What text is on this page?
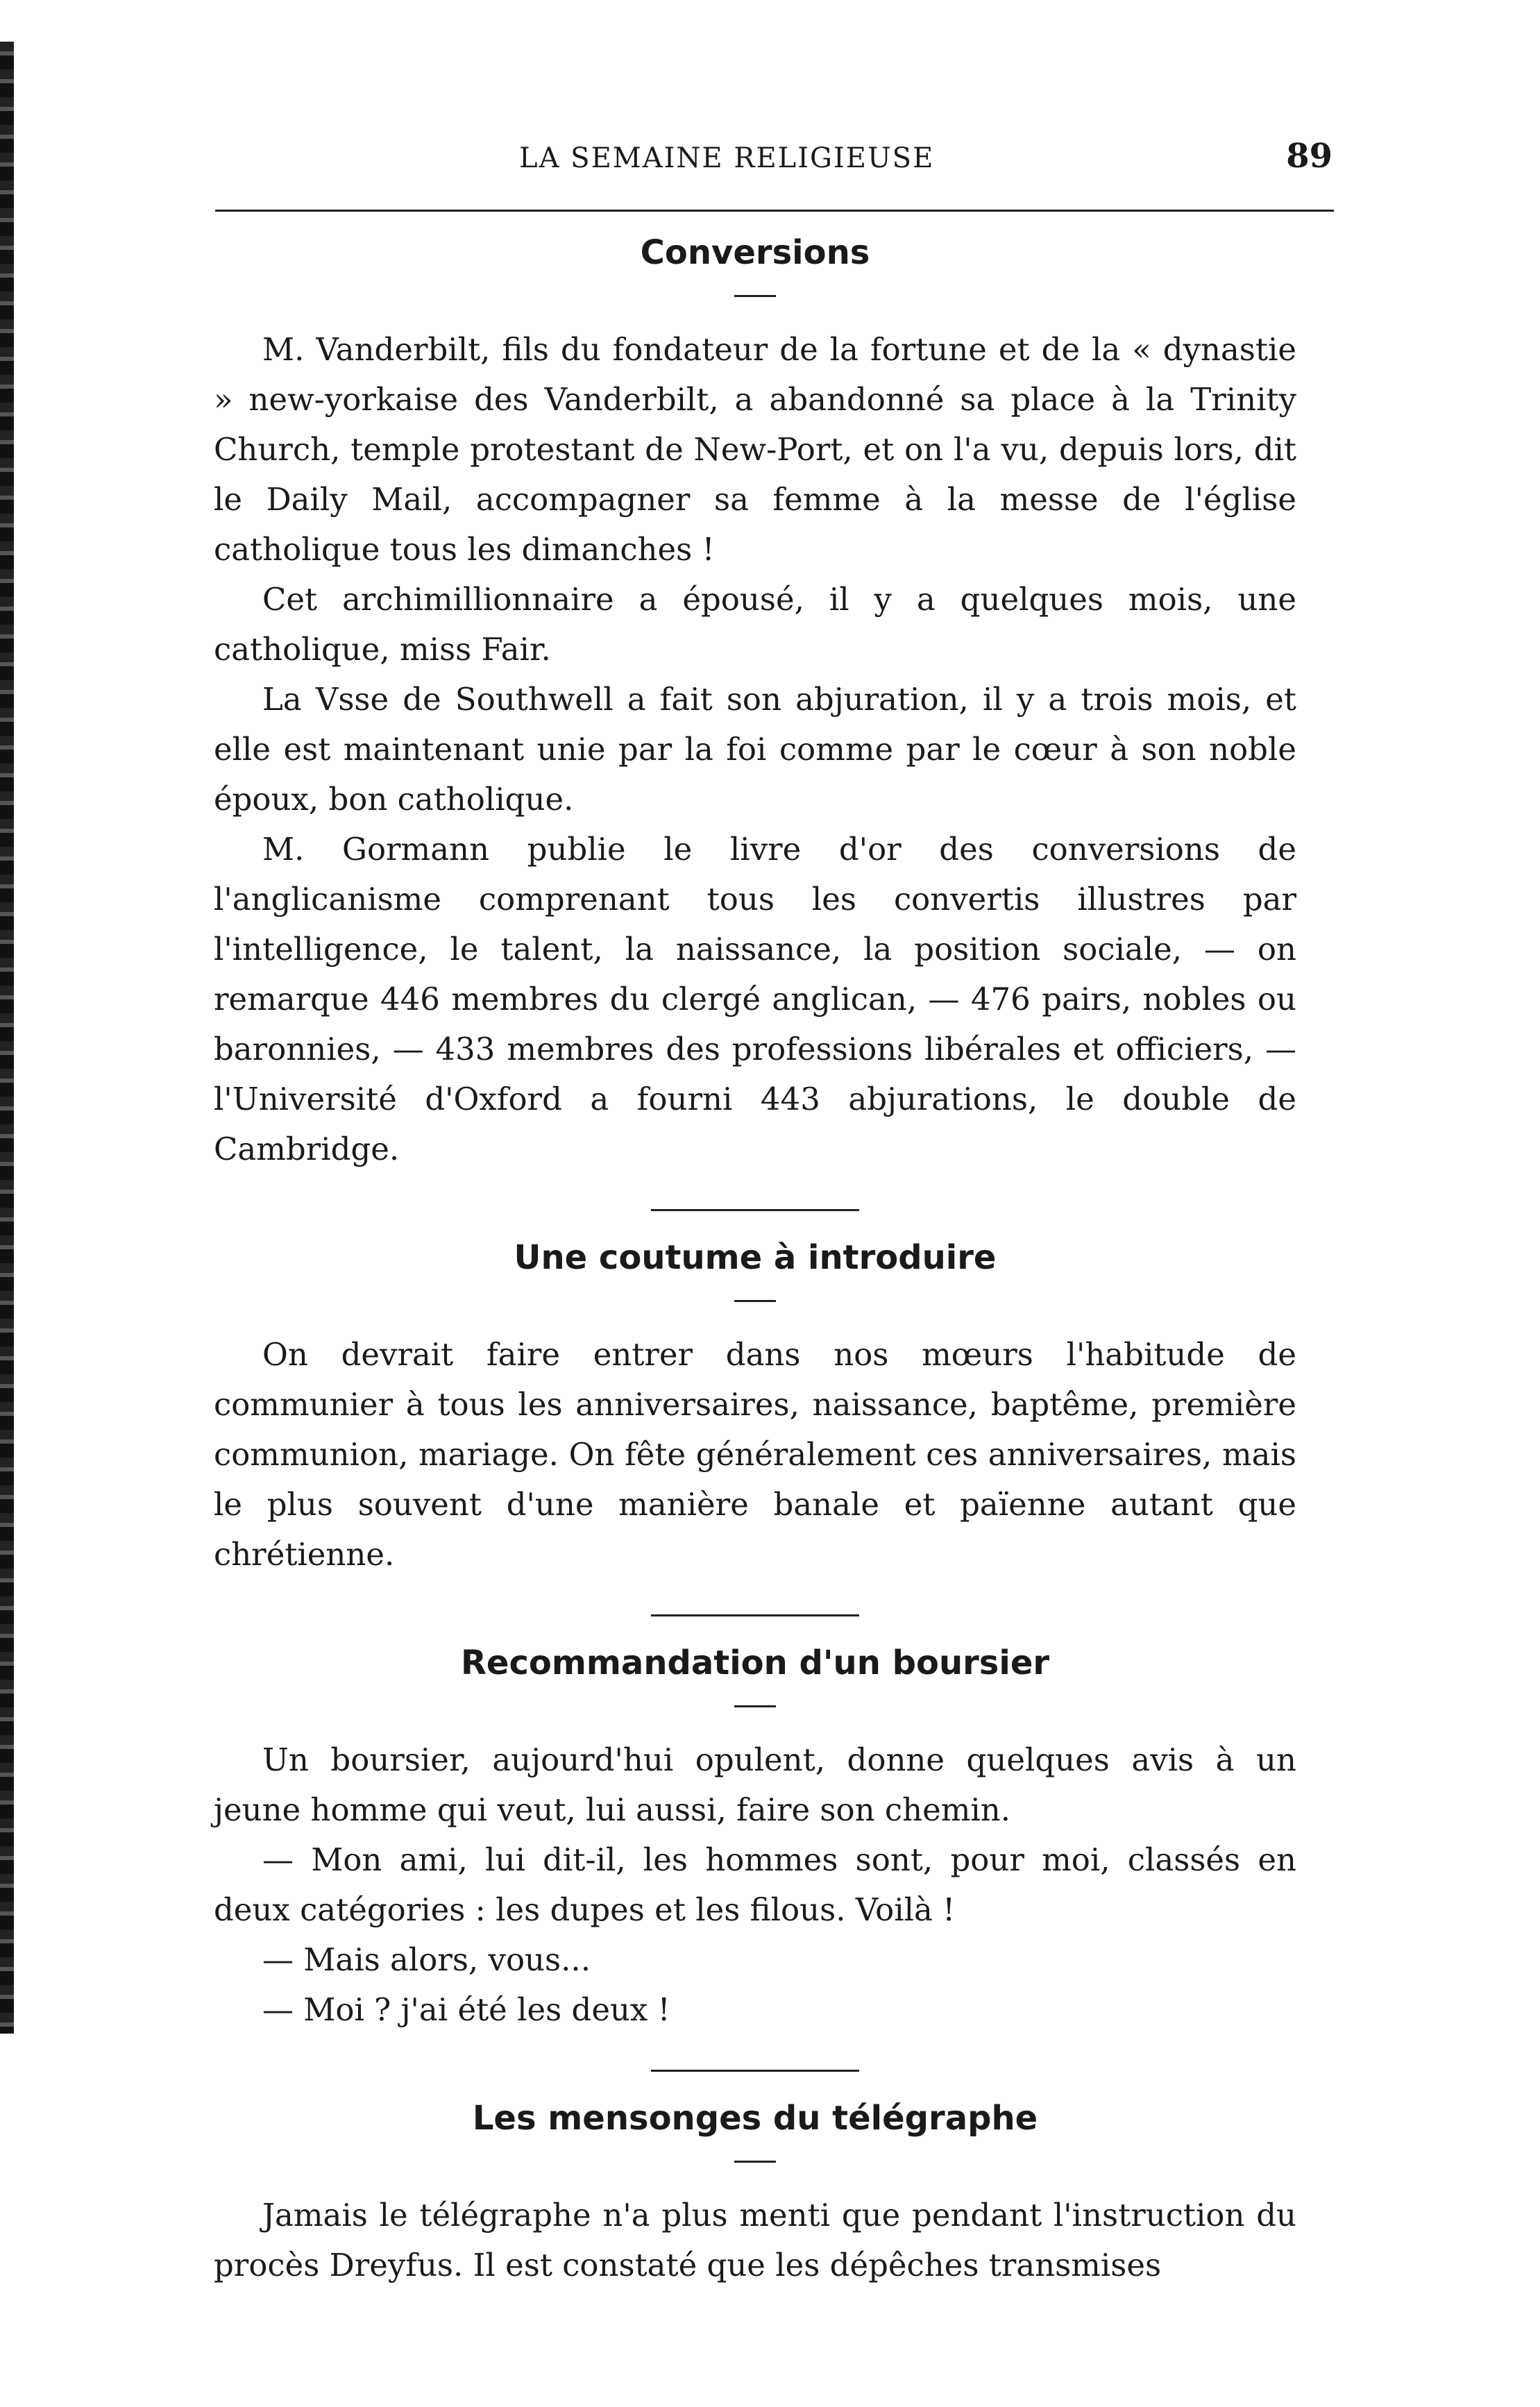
LA SEMAINE RELIGIEUSE	89
Conversions

M. Vanderbilt, fils du fondateur de la fortune et de la « dynastie » new-yorkaise des Vanderbilt, a abandonné sa place à la Trinity Church, temple protestant de New-Port, et on l'a vu, depuis lors, dit le Daily Mail, accompagner sa femme à la messe de l'église catholique tous les dimanches !

Cet archimillionnaire a épousé, il y a quelques mois, une catholique, miss Fair.

La Vsse de Southwell a fait son abjuration, il y a trois mois, et elle est maintenant unie par la foi comme par le cœur à son noble époux, bon catholique.

M. Gormann publie le livre d'or des conversions de l'anglicanisme comprenant tous les convertis illustres par l'intelligence, le talent, la naissance, la position sociale, — on remarque 446 membres du clergé anglican, — 476 pairs, nobles ou baronnies, — 433 membres des professions libérales et officiers, — l'Université d'Oxford a fourni 443 abjurations, le double de Cambridge.

Une coutume à introduire

On devrait faire entrer dans nos mœurs l'habitude de communier à tous les anniversaires, naissance, baptême, première communion, mariage. On fête généralement ces anniversaires, mais le plus souvent d'une manière banale et païenne autant que chrétienne.

Recommandation d'un boursier

Un boursier, aujourd'hui opulent, donne quelques avis à un jeune homme qui veut, lui aussi, faire son chemin.

— Mon ami, lui dit-il, les hommes sont, pour moi, classés en deux catégories : les dupes et les filous. Voilà !

— Mais alors, vous...

— Moi ? j'ai été les deux !

Les mensonges du télégraphe

Jamais le télégraphe n'a plus menti que pendant l'instruction du procès Dreyfus. Il est constaté que les dépêches transmises
